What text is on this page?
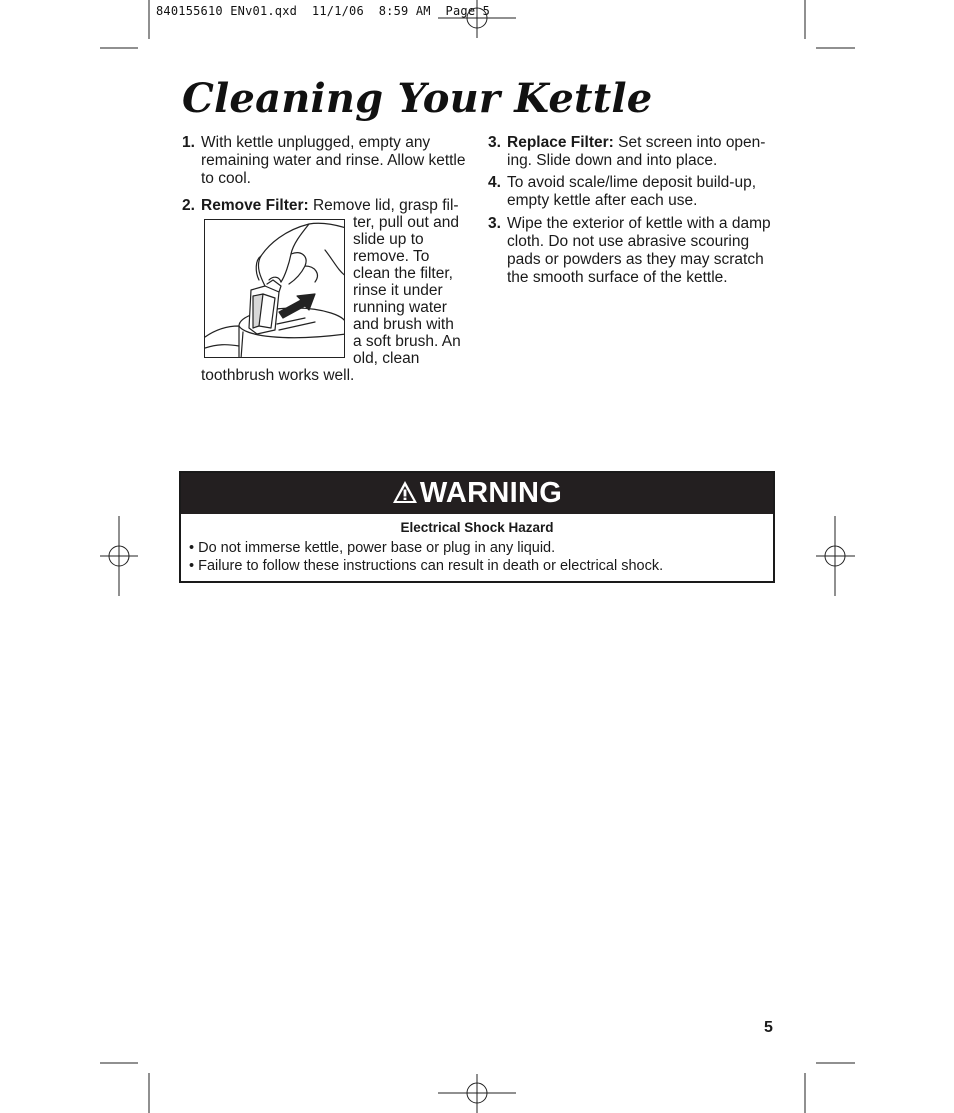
840155610 ENv01.qxd  11/1/06  8:59 AM  Page 5
Cleaning Your Kettle
1. With kettle unplugged, empty any remaining water and rinse. Allow kettle to cool.
2. Remove Filter: Remove lid, grasp fil-
ter, pull out and
slide up to
remove. To
clean the filter,
rinse it under
running water
and brush with
a soft brush. An
old, clean
toothbrush works well.
3. Replace Filter: Set screen into open-ing. Slide down and into place.
4. To avoid scale/lime deposit build-up, empty kettle after each use.
3. Wipe the exterior of kettle with a damp cloth. Do not use abrasive scouring pads or powders as they may scratch the smooth surface of the kettle.
WARNING
Electrical Shock Hazard
• Do not immerse kettle, power base or plug in any liquid.
• Failure to follow these instructions can result in death or electrical shock.
5
